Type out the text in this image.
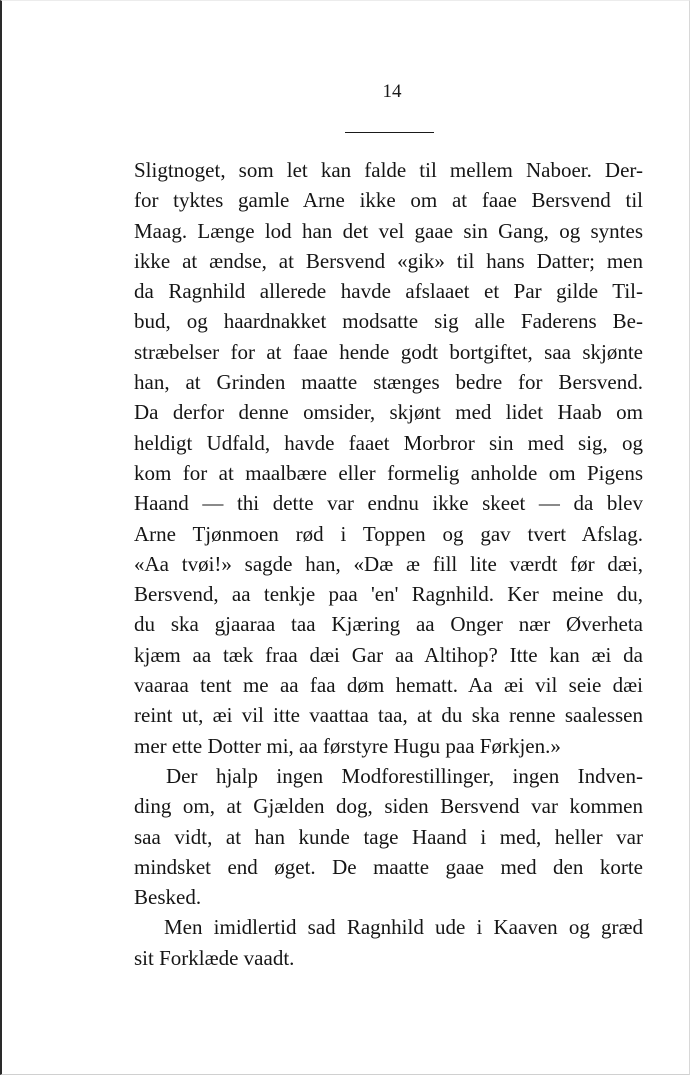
14
Sligtnoget, som let kan falde til mellem Naboer. Der-
for tyktes gamle Arne ikke om at faae Bersvend til
Maag. Længe lod han det vel gaae sin Gang, og syntes
ikke at ændse, at Bersvend «gik» til hans Datter; men
da Ragnhild allerede havde afslaaet et Par gilde Til-
bud, og haardnakket modsatte sig alle Faderens Be-
stræbelser for at faae hende godt bortgiftet, saa skjønte
han, at Grinden maatte stænges bedre for Bersvend.
Da derfor denne omsider, skjønt med lidet Haab om
heldigt Udfald, havde faaet Morbror sin med sig, og
kom for at maalbære eller formelig anholde om Pigens
Haand — thi dette var endnu ikke skeet — da blev
Arne Tjønmoen rød i Toppen og gav tvert Afslag.
«Aa tvøi!» sagde han, «Dæ æ fill lite værdt før dæi,
Bersvend, aa tenkje paa 'en' Ragnhild. Ker meine du,
du ska gjaaraa taa Kjæring aa Onger nær Øverheta
kjæm aa tæk fraa dæi Gar aa Altihop? Itte kan æi da
vaaraa tent me aa faa døm hematt. Aa æi vil seie dæi
reint ut, æi vil itte vaattaa taa, at du ska renne saalessen
mer ette Dotter mi, aa førstyre Hugu paa Førkjen.»
Der hjalp ingen Modforestillinger, ingen Indven-
ding om, at Gjælden dog, siden Bersvend var kommen
saa vidt, at han kunde tage Haand i med, heller var
mindsket end øget. De maatte gaae med den korte
Besked.
Men imidlertid sad Ragnhild ude i Kaaven og græd
sit Forklæde vaadt.
